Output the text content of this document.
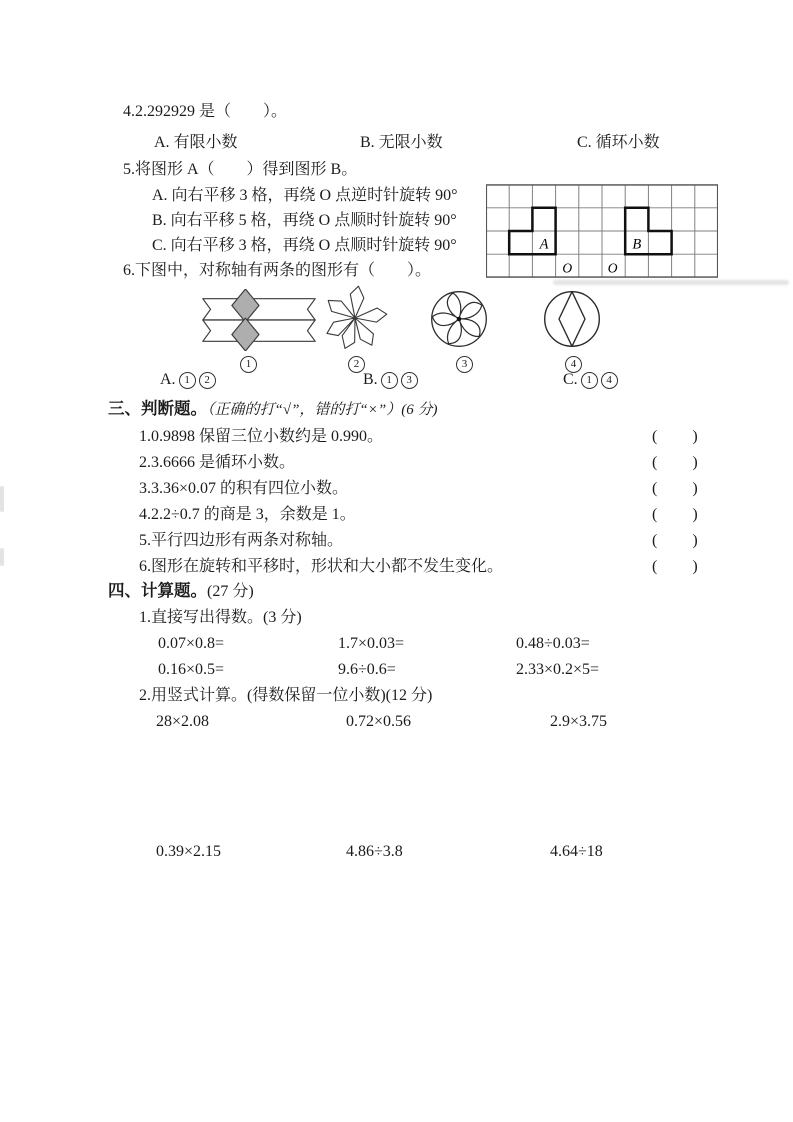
4.2.292929 是（　　）。
A. 有限小数	B. 无限小数	C. 循环小数
5.将图形 A（　　）得到图形 B。
A. 向右平移 3 格，再绕 O 点逆时针旋转 90°
B. 向右平移 5 格，再绕 O 点顺时针旋转 90°
C. 向右平移 3 格，再绕 O 点顺时针旋转 90°	A	B
O	O
6.下图中，对称轴有两条的图形有（　　）。
1	2	3	4
A. 1 2	B. 1 3	C. 1 4
三、判断题。（正确的打“√”，错的打“×”）(6 分)
1.0.9898 保留三位小数约是 0.990。	(　　)
2.3.6666 是循环小数。	(　　)
3.3.36×0.07 的积有四位小数。	(　　)
4.2.2÷0.7 的商是 3，余数是 1。	(　　)
5.平行四边形有两条对称轴。	(　　)
6.图形在旋转和平移时，形状和大小都不发生变化。	(　　)
四、计算题。(27 分)
1.直接写出得数。(3 分)
0.07×0.8=	1.7×0.03=	0.48÷0.03=
0.16×0.5=	9.6÷0.6=	2.33×0.2×5=
2.用竖式计算。(得数保留一位小数)(12 分)
28×2.08	0.72×0.56	2.9×3.75
0.39×2.15	4.86÷3.8	4.64÷18
